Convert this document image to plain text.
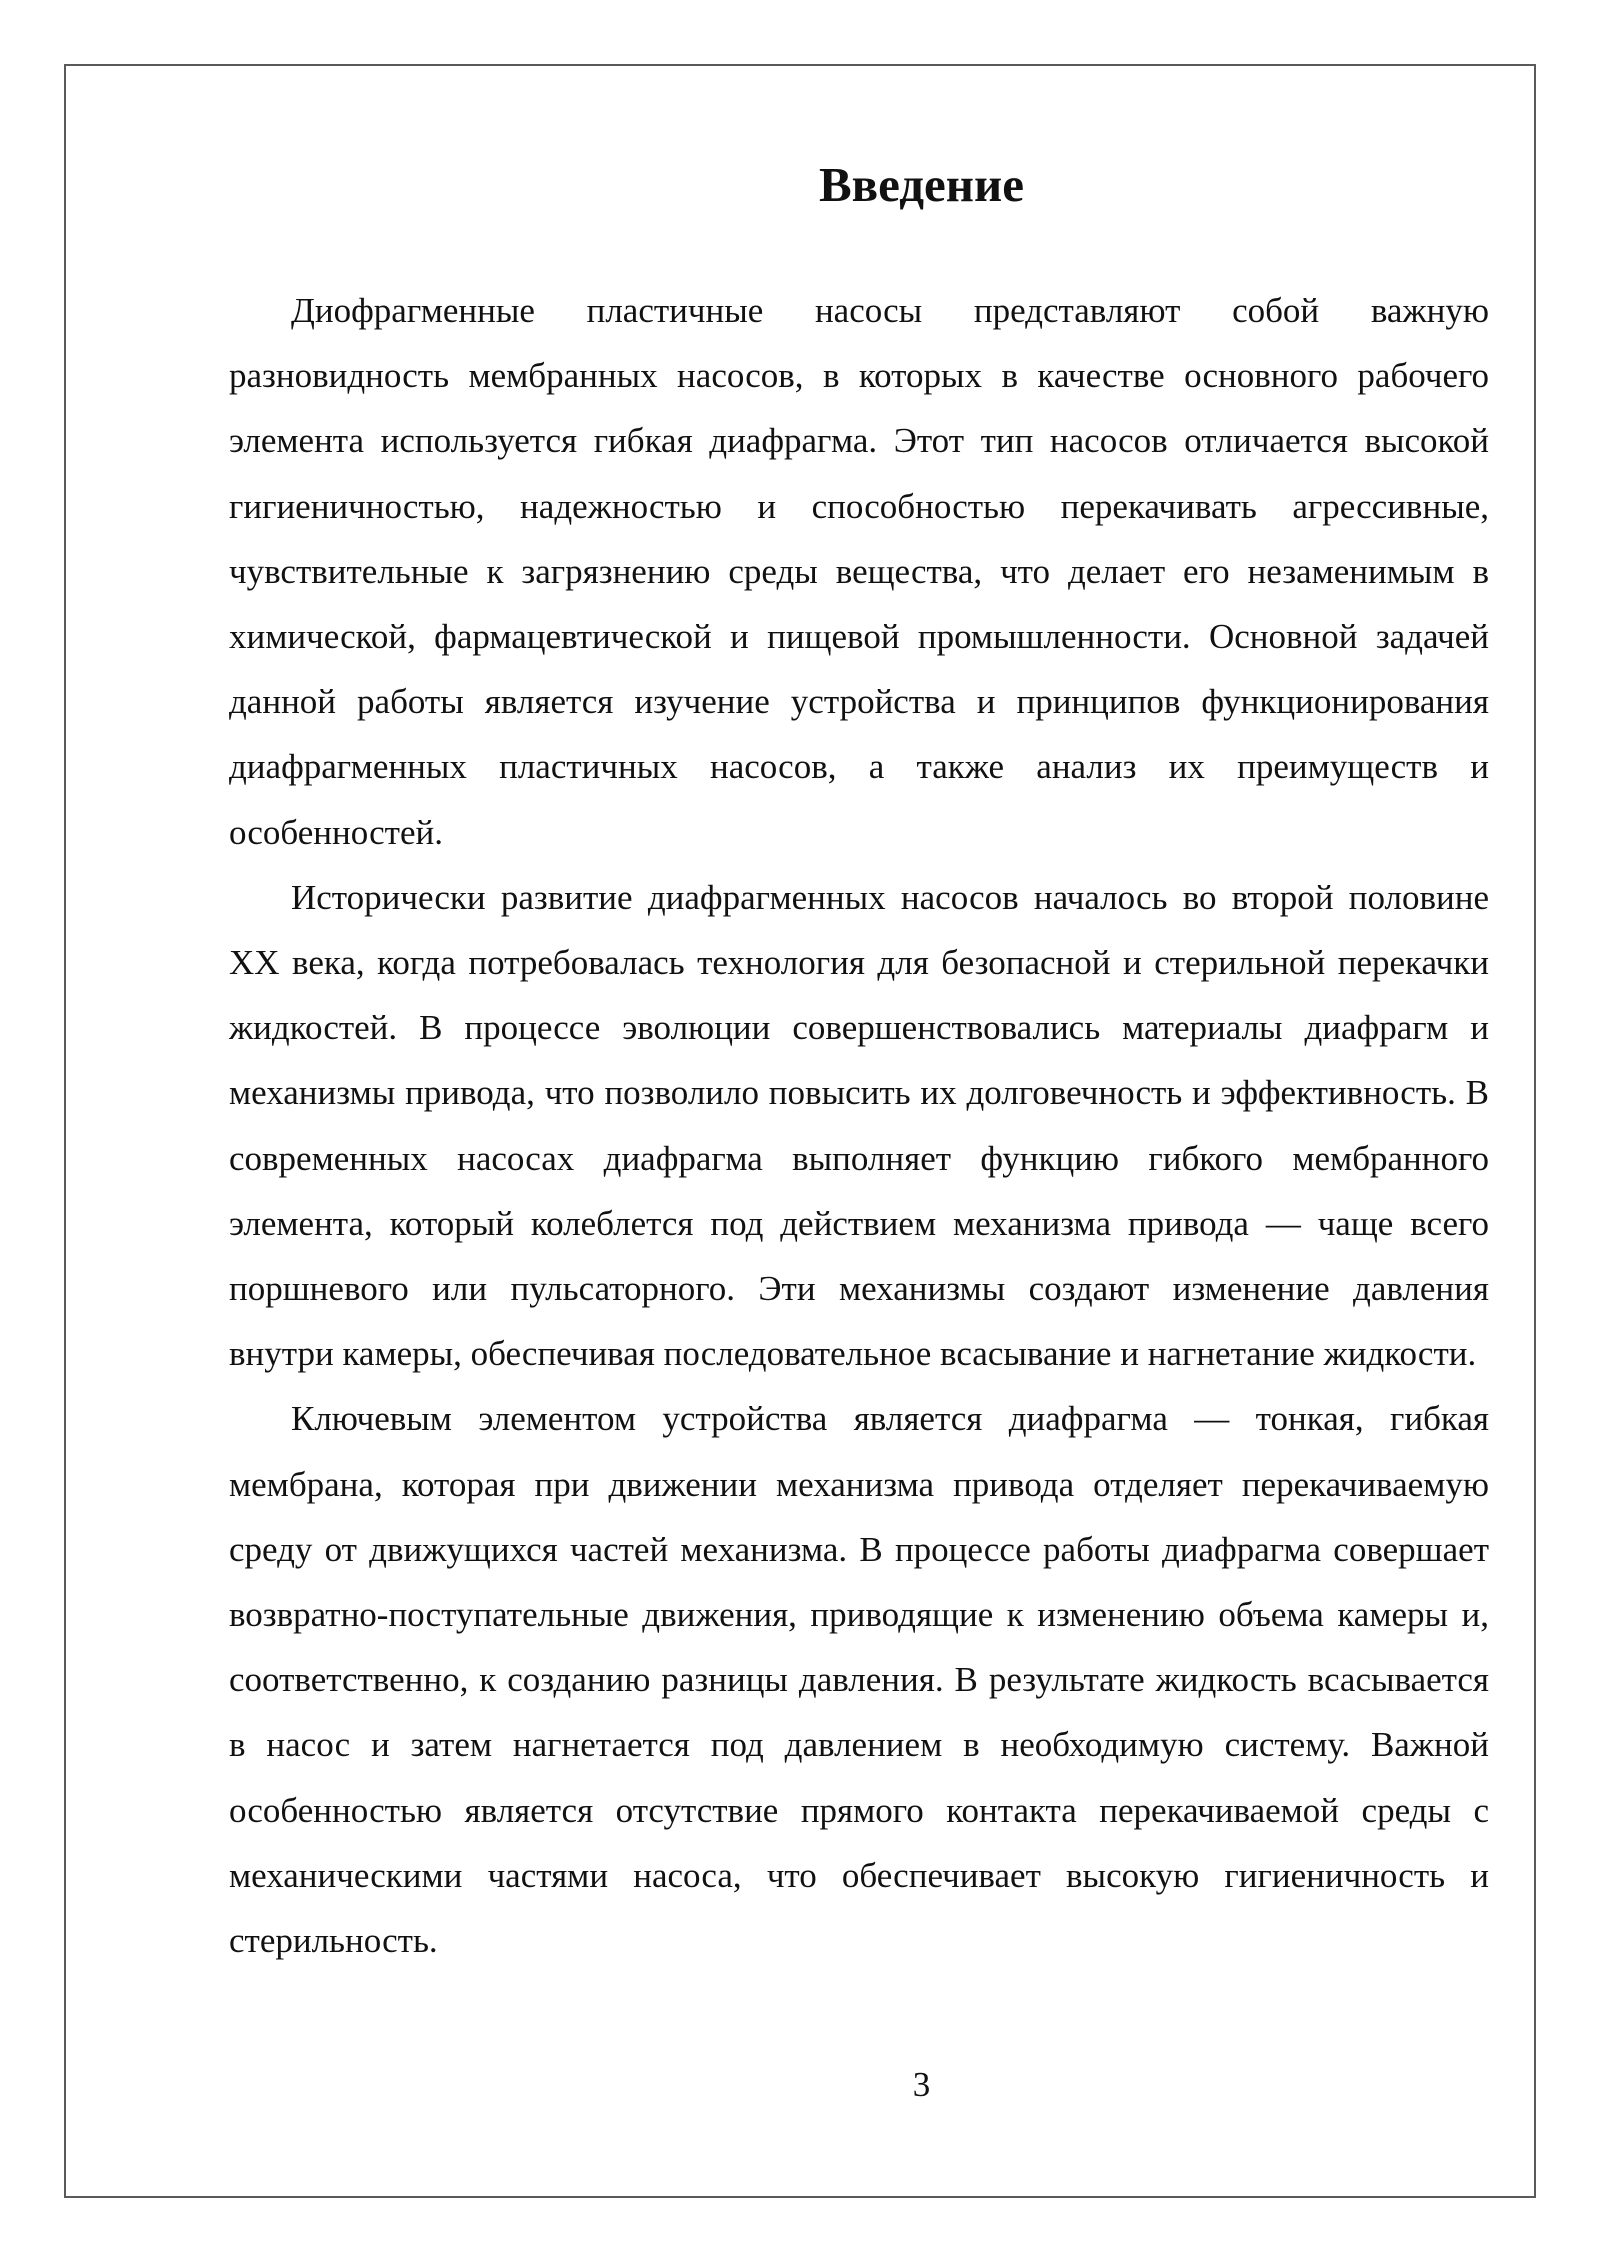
Введение

Диофрагменные пластичные насосы представляют собой важную разновидность мембранных насосов, в которых в качестве основного рабочего элемента используется гибкая диафрагма. Этот тип насосов отличается высокой гигиеничностью, надежностью и способностью перекачивать агрессивные, чувствительные к загрязнению среды вещества, что делает его незаменимым в химической, фармацевтической и пищевой промышленности. Основной задачей данной работы является изучение устройства и принципов функционирования диафрагменных пластичных насосов, а также анализ их преимуществ и особенностей.

Исторически развитие диафрагменных насосов началось во второй половине XX века, когда потребовалась технология для безопасной и стерильной перекачки жидкостей. В процессе эволюции совершенствовались материалы диафрагм и механизмы привода, что позволило повысить их долговечность и эффективность. В современных насосах диафрагма выполняет функцию гибкого мембранного элемента, который колеблется под действием механизма привода — чаще всего поршневого или пульсаторного. Эти механизмы создают изменение давления внутри камеры, обеспечивая последовательное всасывание и нагнетание жидкости.

Ключевым элементом устройства является диафрагма — тонкая, гибкая мембрана, которая при движении механизма привода отделяет перекачиваемую среду от движущихся частей механизма. В процессе работы диафрагма совершает возвратно-поступательные движения, приводящие к изменению объема камеры и, соответственно, к созданию разницы давления. В результате жидкость всасывается в насос и затем нагнетается под давлением в необходимую систему. Важной особенностью является отсутствие прямого контакта перекачиваемой среды с механическими частями насоса, что обеспечивает высокую гигиеничность и стерильность.

3
